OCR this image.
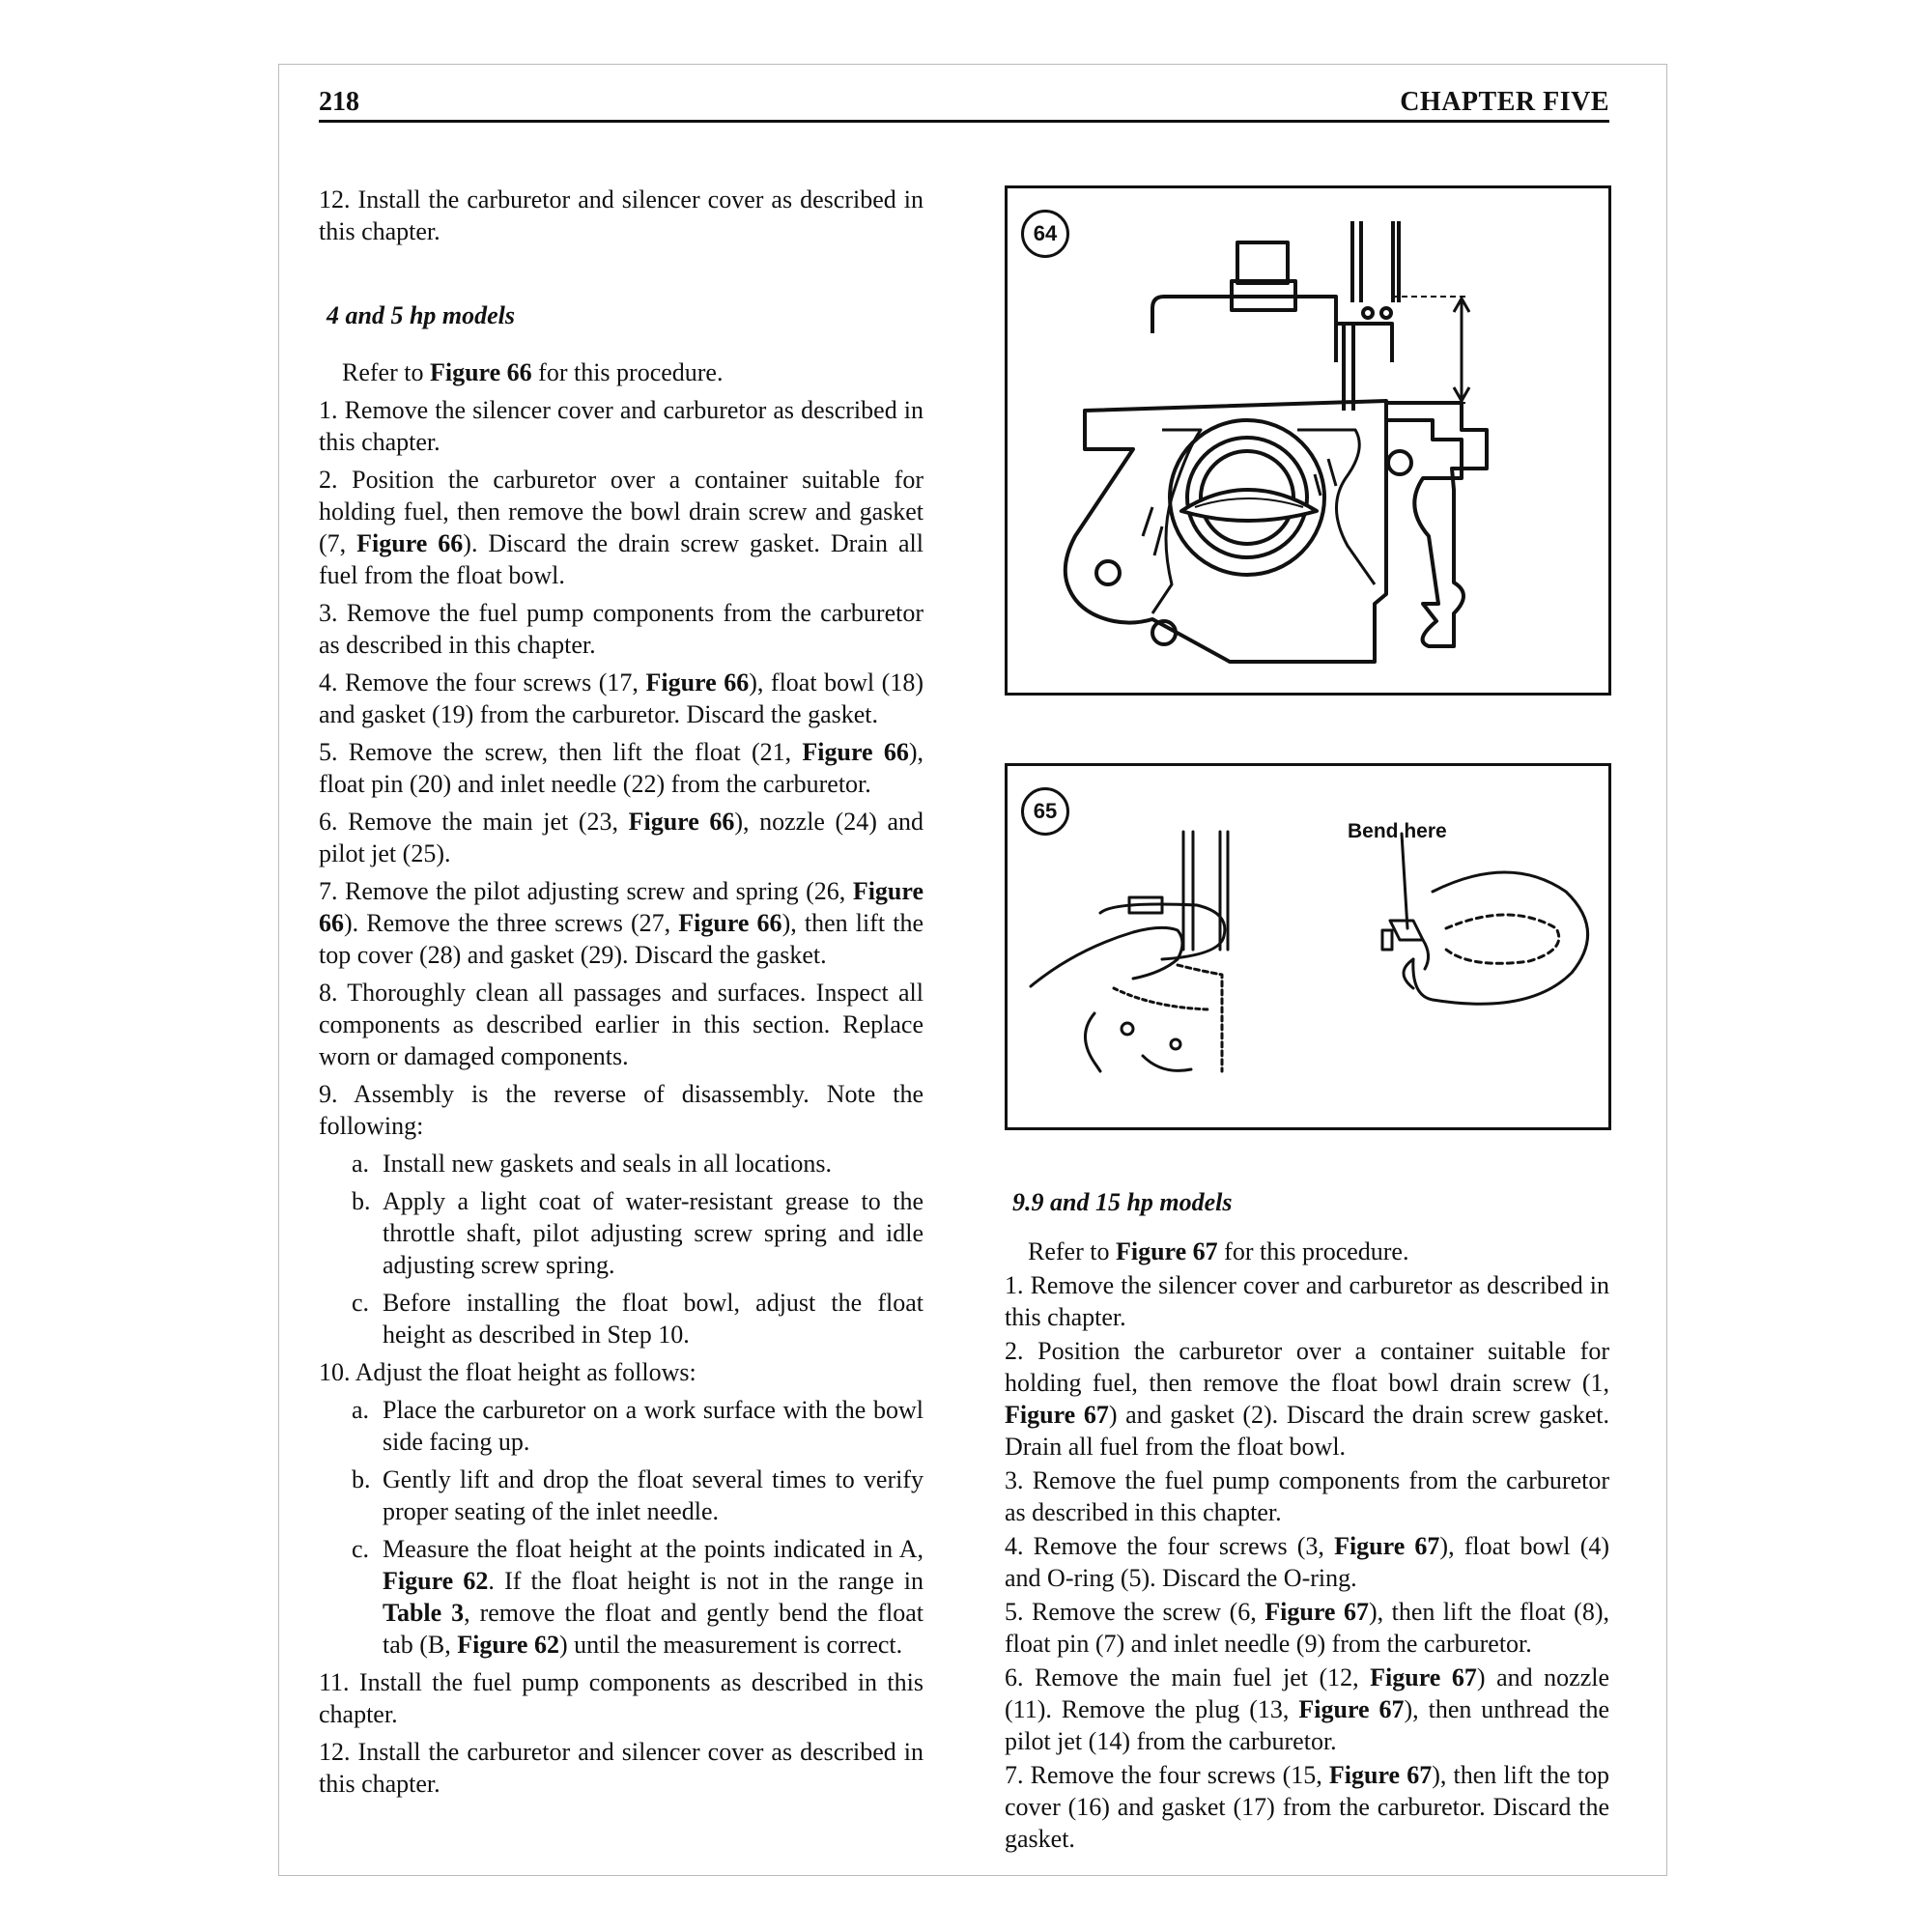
218	CHAPTER FIVE

12. Install the carburetor and silencer cover as described in this chapter.

4 and 5 hp models

Refer to Figure 66 for this procedure.

1. Remove the silencer cover and carburetor as described in this chapter.

2. Position the carburetor over a container suitable for holding fuel, then remove the bowl drain screw and gasket (7, Figure 66). Discard the drain screw gasket. Drain all fuel from the float bowl.

3. Remove the fuel pump components from the carburetor as described in this chapter.

4. Remove the four screws (17, Figure 66), float bowl (18) and gasket (19) from the carburetor. Discard the gasket.

5. Remove the screw, then lift the float (21, Figure 66), float pin (20) and inlet needle (22) from the carburetor.

6. Remove the main jet (23, Figure 66), nozzle (24) and pilot jet (25).

7. Remove the pilot adjusting screw and spring (26, Figure 66). Remove the three screws (27, Figure 66), then lift the top cover (28) and gasket (29). Discard the gasket.

8. Thoroughly clean all passages and surfaces. Inspect all components as described earlier in this section. Replace worn or damaged components.

9. Assembly is the reverse of disassembly. Note the following:

a. Install new gaskets and seals in all locations.
b. Apply a light coat of water-resistant grease to the throttle shaft, pilot adjusting screw spring and idle adjusting screw spring.
c. Before installing the float bowl, adjust the float height as described in Step 10.

10. Adjust the float height as follows:

a. Place the carburetor on a work surface with the bowl side facing up.
b. Gently lift and drop the float several times to verify proper seating of the inlet needle.
c. Measure the float height at the points indicated in A, Figure 62. If the float height is not in the range in Table 3, remove the float and gently bend the float tab (B, Figure 62) until the measurement is correct.

11. Install the fuel pump components as described in this chapter.

12. Install the carburetor and silencer cover as described in this chapter.

64
65
Bend here

9.9 and 15 hp models

Refer to Figure 67 for this procedure.

1. Remove the silencer cover and carburetor as described in this chapter.

2. Position the carburetor over a container suitable for holding fuel, then remove the float bowl drain screw (1, Figure 67) and gasket (2). Discard the drain screw gasket. Drain all fuel from the float bowl.

3. Remove the fuel pump components from the carburetor as described in this chapter.

4. Remove the four screws (3, Figure 67), float bowl (4) and O-ring (5). Discard the O-ring.

5. Remove the screw (6, Figure 67), then lift the float (8), float pin (7) and inlet needle (9) from the carburetor.

6. Remove the main fuel jet (12, Figure 67) and nozzle (11). Remove the plug (13, Figure 67), then unthread the pilot jet (14) from the carburetor.

7. Remove the four screws (15, Figure 67), then lift the top cover (16) and gasket (17) from the carburetor. Discard the gasket.
